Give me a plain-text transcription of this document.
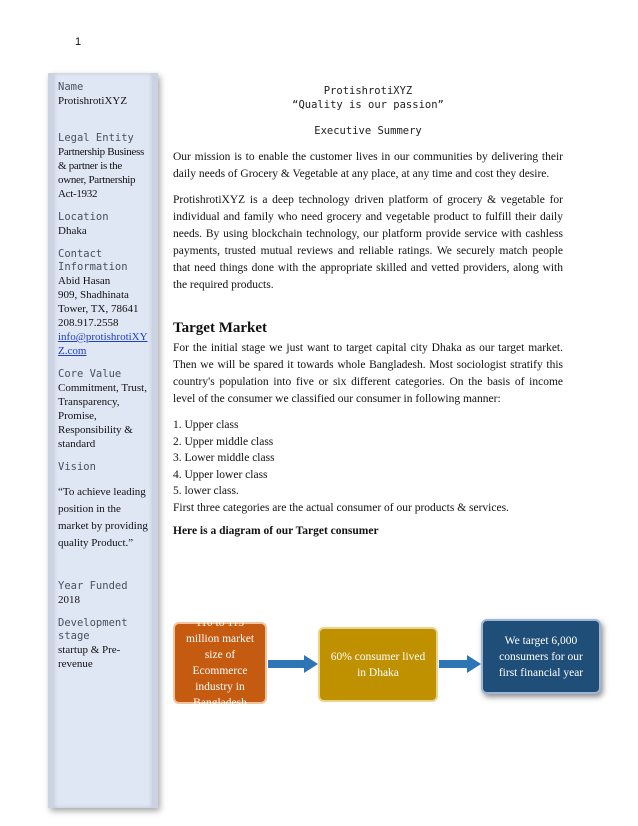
1
Name
ProtishrotiXYZ
Legal Entity
Partnership Business & partner is the owner, Partnership Act-1932
Location
Dhaka
Contact Information
Abid Hasan
909, Shadhinata Tower, TX, 78641
208.917.2558
info@protishrotiXYZ.com
Core Value
Commitment, Trust, Transparency, Promise, Responsibility & standard
Vision
“To achieve leading position in the market by providing quality Product.”
Year Funded
2018
Development stage
startup & Pre-revenue
ProtishrotiXYZ
“Quality is our passion”
Executive Summery

Our mission is to enable the customer lives in our communities by delivering their daily needs of Grocery & Vegetable at any place, at any time and cost they desire.

ProtishrotiXYZ is a deep technology driven platform of grocery & vegetable for individual and family who need grocery and vegetable product to fulfill their daily needs. By using blockchain technology, our platform provide service with cashless payments, trusted mutual reviews and reliable ratings. We securely match people that need things done with the appropriate skilled and vetted providers, along with the required products.

Target Market

For the initial stage we just want to target capital city Dhaka as our target market. Then we will be spared it towards whole Bangladesh. Most sociologist stratify this country's population into five or six different categories. On the basis of income level of the consumer we classified our consumer in following manner:

1. Upper class
2. Upper middle class
3. Lower middle class
4. Upper lower class
5. lower class.
First three categories are the actual consumer of our products & services.
Here is a diagram of our Target consumer
110 to 115 million market size of Ecommerce industry in Bangladesh
60% consumer lived in Dhaka
We target 6,000 consumers for our first financial year
